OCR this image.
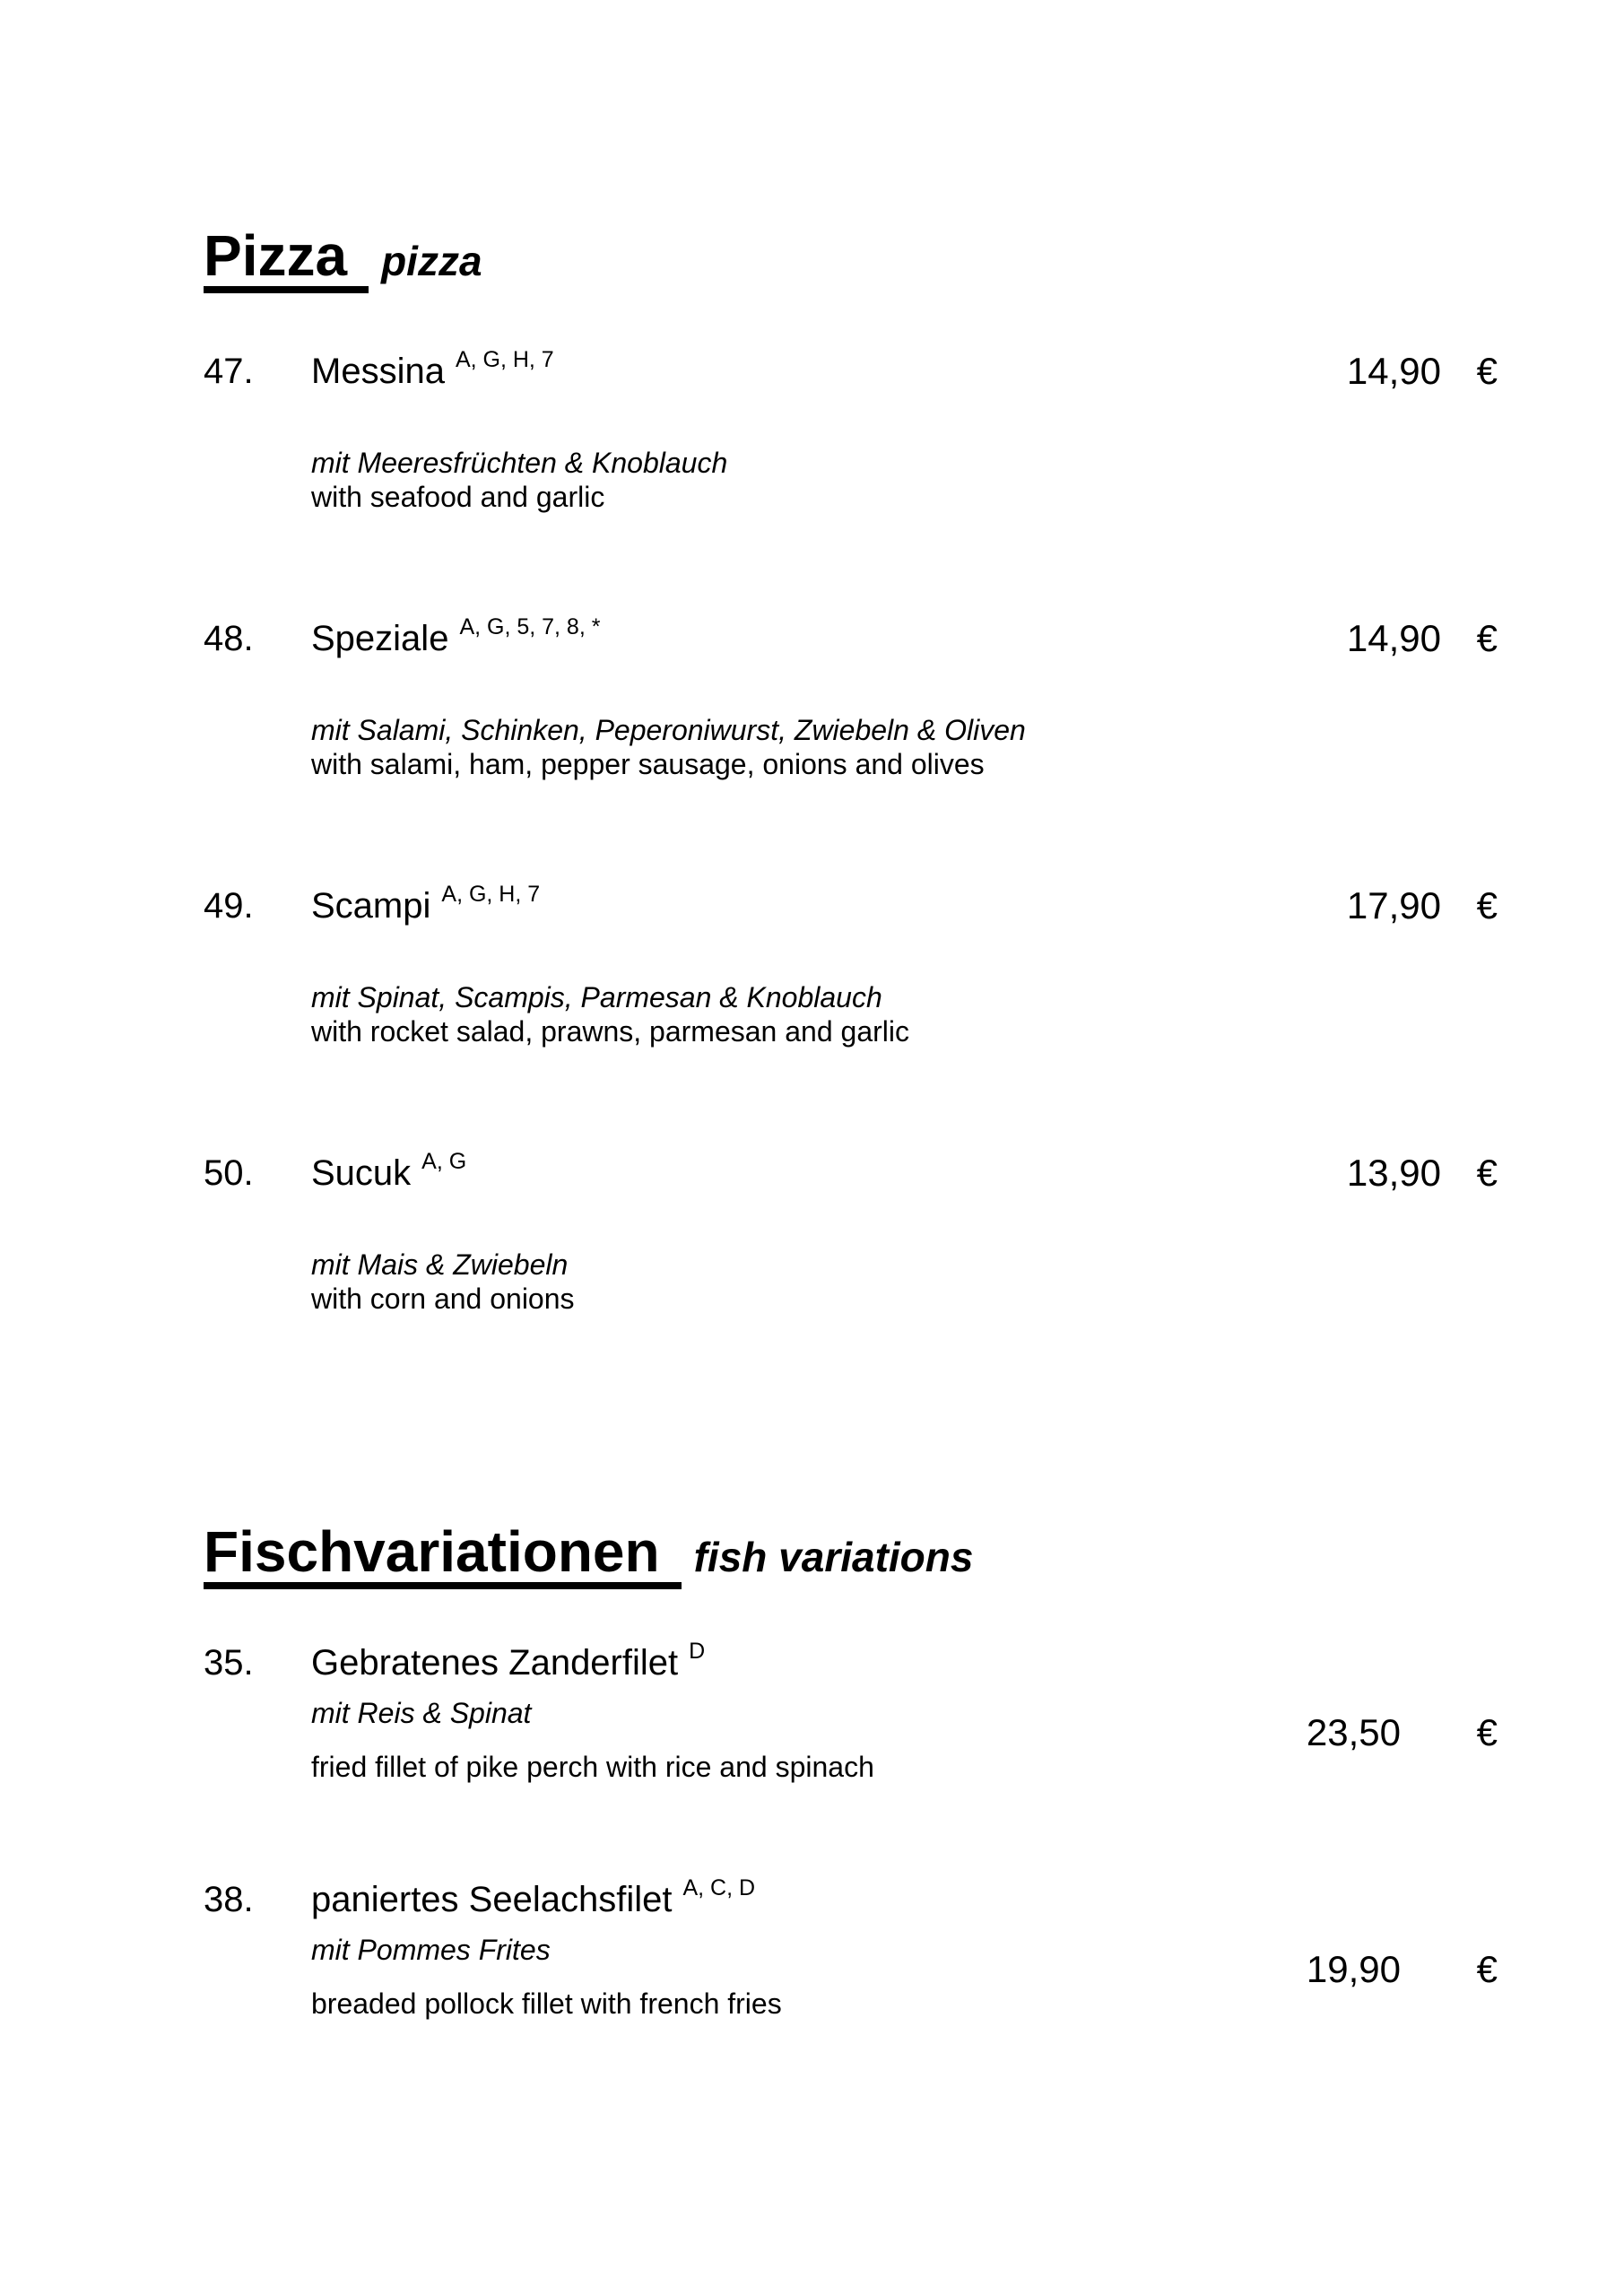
Pizza pizza
47.	Messina A, G, H, 7	14,90 €
mit Meeresfrüchten & Knoblauch
with seafood and garlic
48.	Speziale A, G, 5, 7, 8, *	14,90 €
mit Salami, Schinken, Peperoniwurst, Zwiebeln & Oliven
with salami, ham, pepper sausage, onions and olives
49.	Scampi A, G, H, 7	17,90 €
mit Spinat, Scampis, Parmesan & Knoblauch
with rocket salad, prawns, parmesan and garlic
50.	Sucuk A, G	13,90 €
mit Mais & Zwiebeln
with corn and onions
Fischvariationen fish variations
35.	Gebratenes Zanderfilet D
23,50	€
mit Reis & Spinat
fried fillet of pike perch with rice and spinach
38.	paniertes Seelachsfilet A, C, D
19,90	€
mit Pommes Frites
breaded pollock fillet with french fries
